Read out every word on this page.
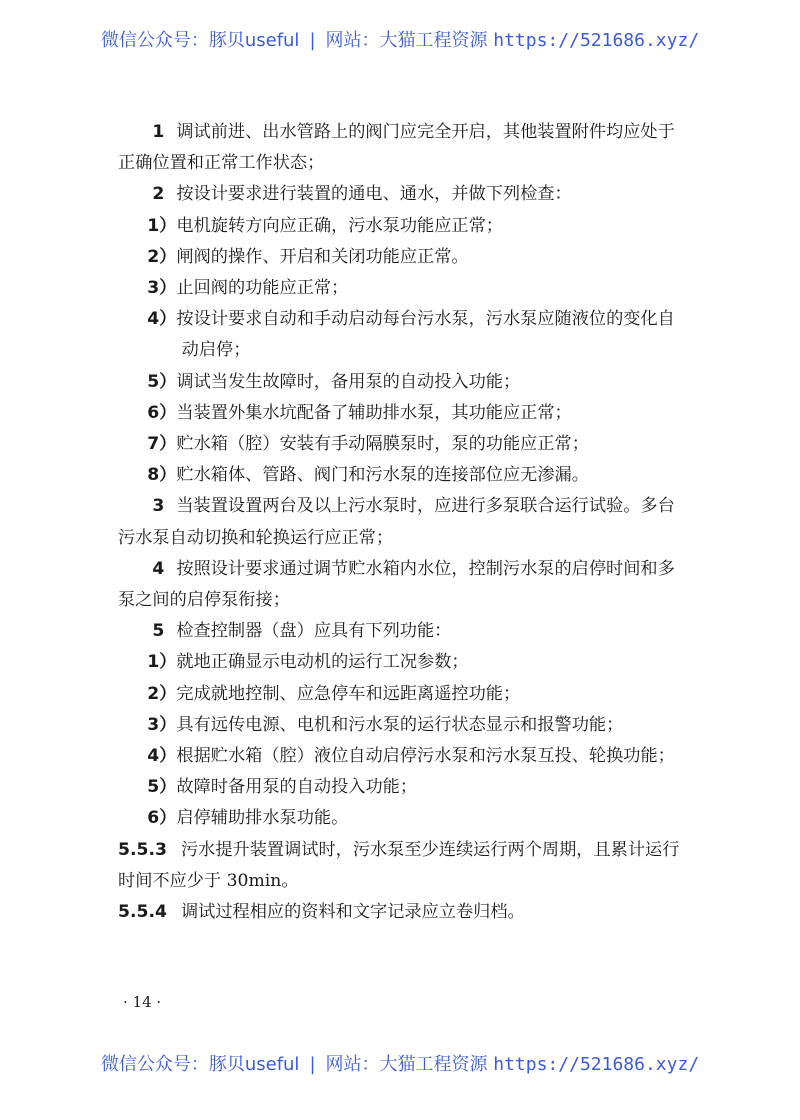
微信公众号：豚贝useful | 网站：大猫工程资源 https://521686.xyz/

1 调试前进、出水管路上的阀门应完全开启，其他装置附件均应处于正确位置和正常工作状态；

2 按设计要求进行装置的通电、通水，并做下列检查：

1）电机旋转方向应正确，污水泵功能应正常；

2）闸阀的操作、开启和关闭功能应正常。

3）止回阀的功能应正常；

4）按设计要求自动和手动启动每台污水泵，污水泵应随液位的变化自动启停；

5）调试当发生故障时，备用泵的自动投入功能；

6）当装置外集水坑配备了辅助排水泵，其功能应正常；

7）贮水箱（腔）安装有手动隔膜泵时，泵的功能应正常；

8）贮水箱体、管路、阀门和污水泵的连接部位应无渗漏。

3 当装置设置两台及以上污水泵时，应进行多泵联合运行试验。多台污水泵自动切换和轮换运行应正常；

4 按照设计要求通过调节贮水箱内水位，控制污水泵的启停时间和多泵之间的启停泵衔接；

5 检查控制器（盘）应具有下列功能：

1）就地正确显示电动机的运行工况参数；

2）完成就地控制、应急停车和远距离遥控功能；

3）具有远传电源、电机和污水泵的运行状态显示和报警功能；

4）根据贮水箱（腔）液位自动启停污水泵和污水泵互投、轮换功能；

5）故障时备用泵的自动投入功能；

6）启停辅助排水泵功能。

5.5.3 污水提升装置调试时，污水泵至少连续运行两个周期，且累计运行时间不应少于 30min。

5.5.4 调试过程相应的资料和文字记录应立卷归档。

· 14 ·
微信公众号：豚贝useful | 网站：大猫工程资源 https://521686.xyz/
